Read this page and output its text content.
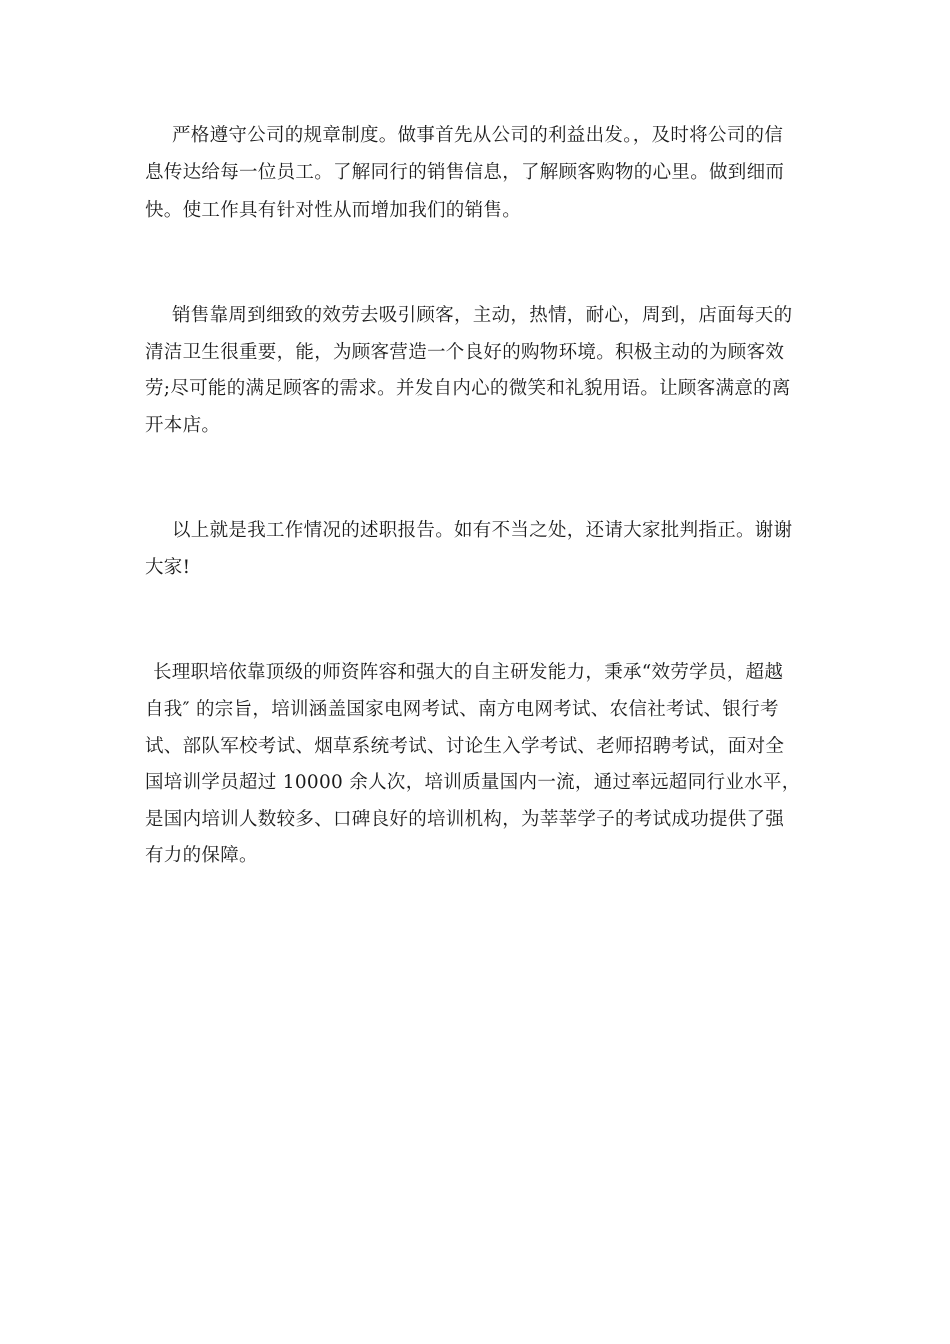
严格遵守公司的规章制度。做事首先从公司的利益出发。，及时将公司的信
息传达给每一位员工。了解同行的销售信息，了解顾客购物的心里。做到细而
快。使工作具有针对性从而增加我们的销售。
销售靠周到细致的效劳去吸引顾客，主动，热情，耐心，周到，店面每天的
清洁卫生很重要，能，为顾客营造一个良好的购物环境。积极主动的为顾客效
劳;尽可能的满足顾客的需求。并发自内心的微笑和礼貌用语。让顾客满意的离
开本店。
以上就是我工作情况的述职报告。如有不当之处，还请大家批判指正。谢谢
大家!
长理职培依靠顶级的师资阵容和强大的自主研发能力，秉承“效劳学员，超越
自我″ 的宗旨，培训涵盖国家电网考试、南方电网考试、农信社考试、银行考
试、部队军校考试、烟草系统考试、讨论生入学考试、老师招聘考试，面对全
国培训学员超过 10000 余人次，培训质量国内一流，通过率远超同行业水平，
是国内培训人数较多、口碑良好的培训机构，为莘莘学子的考试成功提供了强
有力的保障。
